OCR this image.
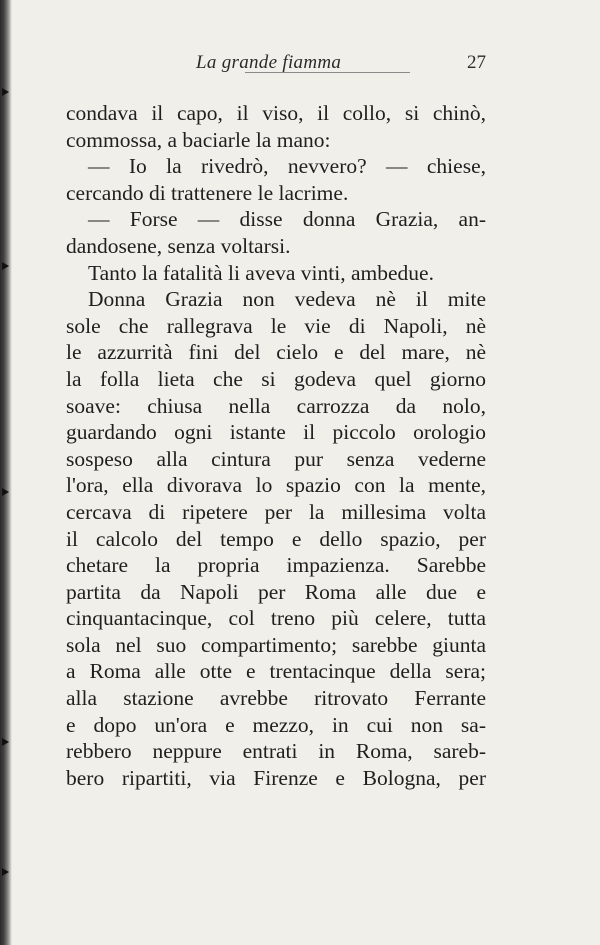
La grande fiamma	27
condava il capo, il viso, il collo, si chinò,
commossa, a baciarle la mano:
— Io la rivedrò, nevvero? — chiese,
cercando di trattenere le lacrime.
— Forse — disse donna Grazia, an-
dandosene, senza voltarsi.
Tanto la fatalità li aveva vinti, ambedue.
Donna Grazia non vedeva nè il mite
sole che rallegrava le vie di Napoli, nè
le azzurrità fini del cielo e del mare, nè
la folla lieta che si godeva quel giorno
soave: chiusa nella carrozza da nolo,
guardando ogni istante il piccolo orologio
sospeso alla cintura pur senza vederne
l'ora, ella divorava lo spazio con la mente,
cercava di ripetere per la millesima volta
il calcolo del tempo e dello spazio, per
chetare la propria impazienza. Sarebbe
partita da Napoli per Roma alle due e
cinquantacinque, col treno più celere, tutta
sola nel suo compartimento; sarebbe giunta
a Roma alle otte e trentacinque della sera;
alla stazione avrebbe ritrovato Ferrante
e dopo un'ora e mezzo, in cui non sa-
rebbero neppure entrati in Roma, sareb-
bero ripartiti, via Firenze e Bologna, per
